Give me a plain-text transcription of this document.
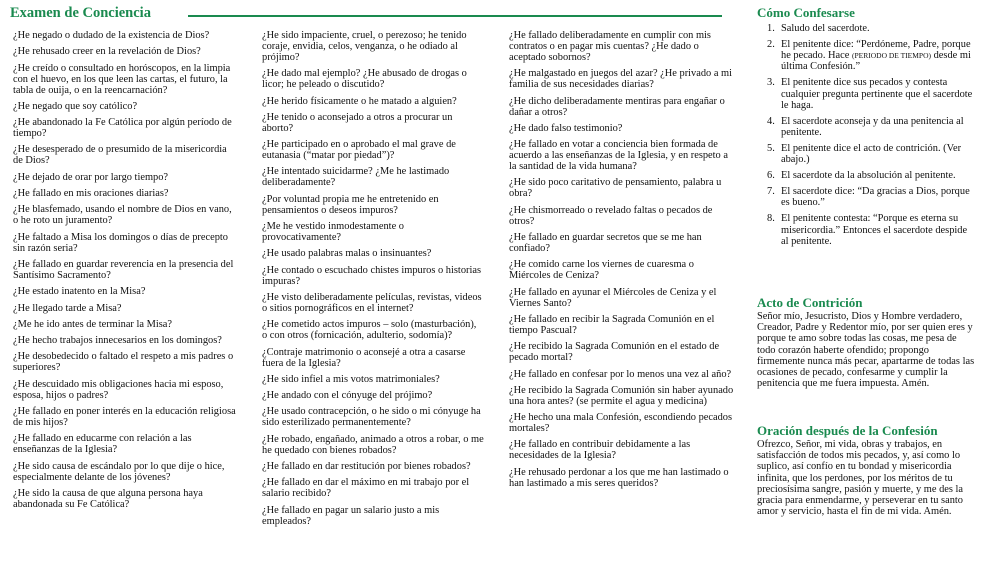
Examen de Conciencia

¿He negado o dudado de la existencia de Dios?

¿He rehusado creer en la revelación de Dios?

¿He creído o consultado en horóscopos, en la limpia con el huevo, en los que leen las cartas, el futuro, la tabla de ouija, o en la reencarnación?

¿He negado que soy católico?

¿He abandonado la Fe Católica por algún período de tiempo?

¿He desesperado de o presumido de la misericordia de Dios?

¿He dejado de orar por largo tiempo?

¿He fallado en mis oraciones diarias?

¿He blasfemado, usando el nombre de Dios en vano, o he roto un juramento?

¿He faltado a Misa los domingos o días de precepto sin razón seria?

¿He fallado en guardar reverencia en la presencia del Santísimo Sacramento?

¿He estado inatento en la Misa?

¿He llegado tarde a Misa?

¿Me he ido antes de terminar la Misa?

¿He hecho trabajos innecesarios en los domingos?

¿He desobedecido o faltado el respeto a mis padres o superiores?

¿He descuidado mis obligaciones hacia mi esposo, esposa, hijos o padres?

¿He fallado en poner interés en la educación religiosa de mis hijos?

¿He fallado en educarme con relación a las enseñanzas de la Iglesia?

¿He sido causa de escándalo por lo que dije o hice, especialmente delante de los jóvenes?

¿He sido la causa de que alguna persona haya abandonada su Fe Católica?

¿He sido impaciente, cruel, o perezoso; he tenido coraje, envidia, celos, venganza, o he odiado al prójimo?

¿He dado mal ejemplo? ¿He abusado de drogas o licor; he peleado o discutido?

¿He herido físicamente o he matado a alguien?

¿He tenido o aconsejado a otros a procurar un aborto?

¿He participado en o aprobado el mal grave de eutanasia (“matar por piedad”)?

¿He intentado suicidarme? ¿Me he lastimado deliberadamente?

¿Por voluntad propia me he entretenido en pensamientos o deseos impuros?

¿Me he vestido inmodestamente o provocativamente?

¿He usado palabras malas o insinuantes?

¿He contado o escuchado chistes impuros o historias impuras?

¿He visto deliberadamente películas, revistas, videos o sitios pornográficos en el internet?

¿He cometido actos impuros – solo (masturbación), o con otros (fornicación, adulterio, sodomía)?

¿Contraje matrimonio o aconsejé a otra a casarse fuera de la Iglesia?

¿He sido infiel a mis votos matrimoniales?

¿He andado con el cónyuge del prójimo?

¿He usado contracepción, o he sido o mi cónyuge ha sido esterilizado permanentemente?

¿He robado, engañado, animado a otros a robar, o me he quedado con bienes robados?

¿He fallado en dar restitución por bienes robados?

¿He fallado en dar el máximo en mi trabajo por el salario recibido?

¿He fallado en pagar un salario justo a mis empleados?

¿He fallado deliberadamente en cumplir con mis contratos o en pagar mis cuentas? ¿He dado o aceptado sobornos?

¿He malgastado en juegos del azar? ¿He privado a mi familia de sus necesidades diarias?

¿He dicho deliberadamente mentiras para engañar o dañar a otros?

¿He dado falso testimonio?

¿He fallado en votar a conciencia bien formada de acuerdo a las enseñanzas de la Iglesia, y en respeto a la santidad de la vida humana?

¿He sido poco caritativo de pensamiento, palabra u obra?

¿He chismorreado o revelado faltas o pecados de otros?

¿He fallado en guardar secretos que se me han confiado?

¿He comido carne los viernes de cuaresma o Miércoles de Ceniza?

¿He fallado en ayunar el Miércoles de Ceniza y el Viernes Santo?

¿He fallado en recibir la Sagrada Comunión en el tiempo Pascual?

¿He recibido la Sagrada Comunión en el estado de pecado mortal?

¿He fallado en confesar por lo menos una vez al año?

¿He recibido la Sagrada Comunión sin haber ayunado una hora antes? (se permite el agua y medicina)

¿He hecho una mala Confesión, escondiendo pecados mortales?

¿He fallado en contribuir debidamente a las necesidades de la Iglesia?

¿He rehusado perdonar a los que me han lastimado o han lastimado a mis seres queridos?

Cómo Confesarse
1. Saludo del sacerdote.
2. El penitente dice: “Perdóneme, Padre, porque he pecado. Hace (PERIODO DE TIEMPO) desde mi última Confesión.”
3. El penitente dice sus pecados y contesta cualquier pregunta pertinente que el sacerdote le haga.
4. El sacerdote aconseja y da una penitencia al penitente.
5. El penitente dice el acto de contrición. (Ver abajo.)
6. El sacerdote da la absolución al penitente.
7. El sacerdote dice: “Da gracias a Dios, porque es bueno.”
8. El penitente contesta: “Porque es eterna su misericordia.” Entonces el sacerdote despide al penitente.
Acto de Contrición

Señor mío, Jesucristo, Dios y Hombre verdadero, Creador, Padre y Redentor mío, por ser quien eres y porque te amo sobre todas las cosas, me pesa de todo corazón haberte ofendido; propongo firmemente nunca más pecar, apartarme de todas las ocasiones de pecado, confesarme y cumplir la penitencia que me fuera impuesta. Amén.

Oración después de la Confesión

Ofrezco, Señor, mi vida, obras y trabajos, en satisfacción de todos mis pecados, y, así como lo suplico, así confío en tu bondad y misericordia infinita, que los perdones, por los méritos de tu preciosísima sangre, pasión y muerte, y me des la gracia para enmendarme, y perseverar en tu santo amor y servicio, hasta el fin de mi vida. Amén.
